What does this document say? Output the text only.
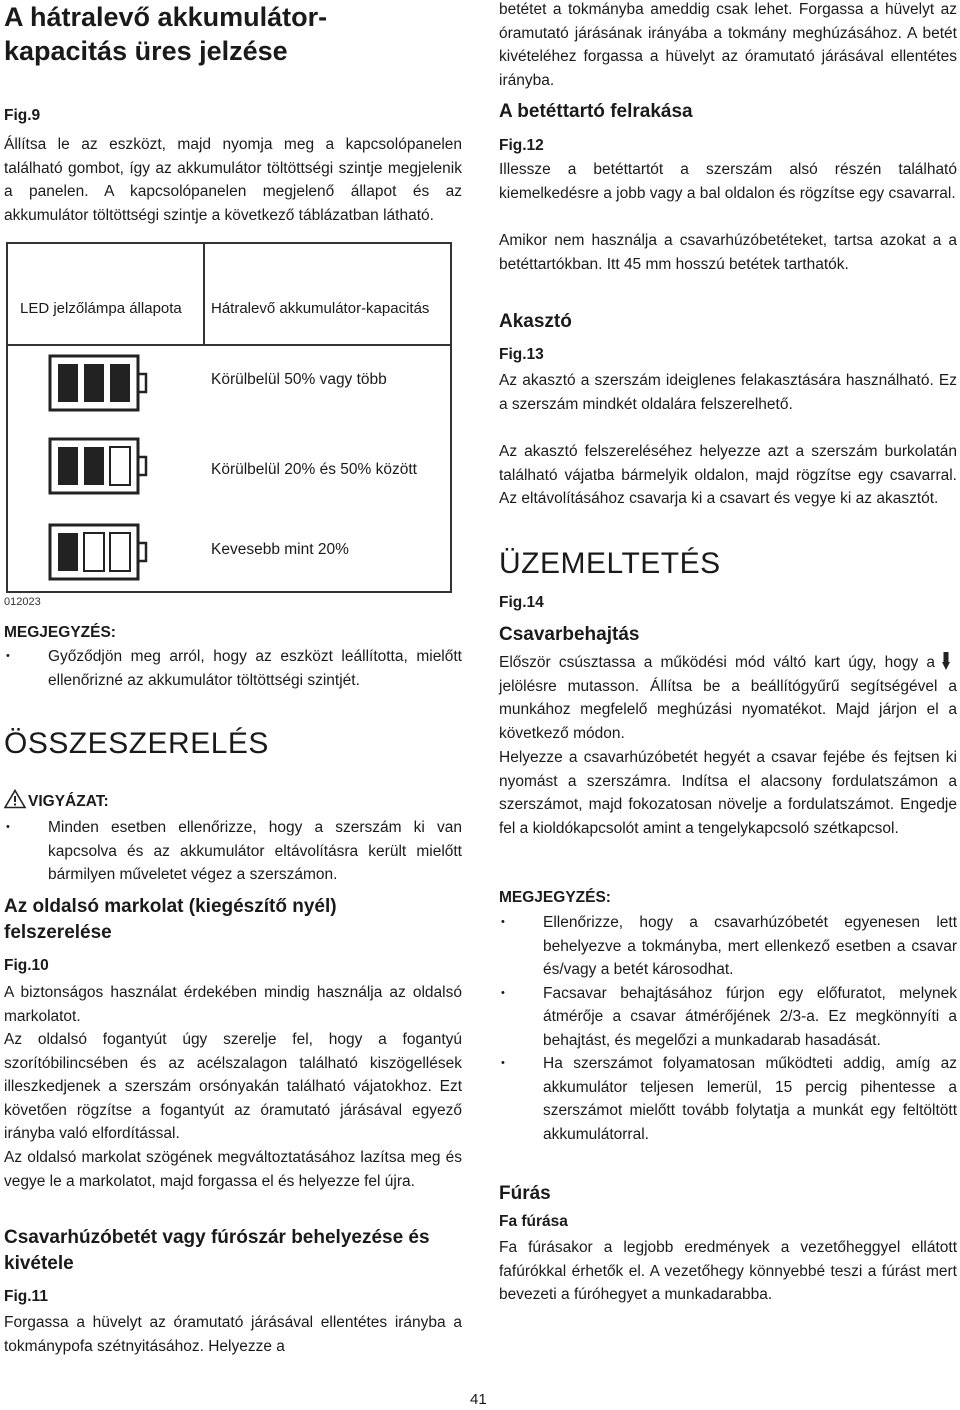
A hátralevő akkumulátor-kapacitás üres jelzése
Fig.9

Állítsa le az eszközt, majd nyomja meg a kapcsolópanelen található gombot, így az akkumulátor töltöttségi szintje megjelenik a panelen. A kapcsolópanelen megjelenő állapot és az akkumulátor töltöttségi szintje a következő táblázatban látható.

LED jelzőlámpa állapota Hátralevő akkumulátor-kapacitás
Körülbelül 50% vagy több
Körülbelül 20% és 50% között
Kevesebb mint 20%
012023
MEGJEGYZÉS:
• Győződjön meg arról, hogy az eszközt leállította, mielőtt ellenőrizné az akkumulátor töltöttségi szintjét.
ÖSSZESZERELÉS
VIGYÁZAT:
• Minden esetben ellenőrizze, hogy a szerszám ki van kapcsolva és az akkumulátor eltávolításra került mielőtt bármilyen műveletet végez a szerszámon.
Az oldalsó markolat (kiegészítő nyél) felszerelése
Fig.10

A biztonságos használat érdekében mindig használja az oldalsó markolatot.

Az oldalsó fogantyút úgy szerelje fel, hogy a fogantyú szorítóbilincsében és az acélszalagon található kiszögellések illeszkedjenek a szerszám orsónyakán található vájatokhoz. Ezt követően rögzítse a fogantyút az óramutató járásával egyező irányba való elfordítással.

Az oldalsó markolat szögének megváltoztatásához lazítsa meg és vegye le a markolatot, majd forgassa el és helyezze fel újra.

Csavarhúzóbetét vagy fúrószár behelyezése és kivétele
Fig.11

Forgassa a hüvelyt az óramutató járásával ellentétes irányba a tokmánypofa szétnyitásához. Helyezze a

betétet a tokmányba ameddig csak lehet. Forgassa a hüvelyt az óramutató járásának irányába a tokmány meghúzásához. A betét kivételéhez forgassa a hüvelyt az óramutató járásával ellentétes irányba.

A betéttartó felrakása
Fig.12

Illessze a betéttartót a szerszám alsó részén található kiemelkedésre a jobb vagy a bal oldalon és rögzítse egy csavarral.

Amikor nem használja a csavarhúzóbetéteket, tartsa azokat a a betéttartókban. Itt 45 mm hosszú betétek tarthatók.

Akasztó
Fig.13

Az akasztó a szerszám ideiglenes felakasztására használható. Ez a szerszám mindkét oldalára felszerelhető.

Az akasztó felszereléséhez helyezze azt a szerszám burkolatán található vájatba bármelyik oldalon, majd rögzítse egy csavarral. Az eltávolításához csavarja ki a csavart és vegye ki az akasztót.

ÜZEMELTETÉS
Fig.14
Csavarbehajtás

Először csúsztassa a működési mód váltó kart úgy, hogy ajelölésre mutasson. Állítsa be a beállítógyűrű segítségével a munkához megfelelő meghúzási nyomatékot. Majd járjon el a következő módon.

Helyezze a csavarhúzóbetét hegyét a csavar fejébe és fejtsen ki nyomást a szerszámra. Indítsa el alacsony fordulatszámon a szerszámot, majd fokozatosan növelje a fordulatszámot. Engedje fel a kioldókapcsolót amint a tengelykapcsoló szétkapcsol.

MEGJEGYZÉS:
• Ellenőrizze, hogy a csavarhúzóbetét egyenesen lett behelyezve a tokmányba, mert ellenkező esetben a csavar és/vagy a betét károsodhat.
• Facsavar behajtásához fúrjon egy előfuratot, melynek átmérője a csavar átmérőjének 2/3-a. Ez megkönnyíti a behajtást, és megelőzi a munkadarab hasadását.
• Ha szerszámot folyamatosan működteti addig, amíg az akkumulátor teljesen lemerül, 15 percig pihentesse a szerszámot mielőtt tovább folytatja a munkát egy feltöltött akkumulátorral.
Fúrás
Fa fúrása

Fa fúrásakor a legjobb eredmények a vezetőheggyel ellátott fafúrókkal érhetők el. A vezetőhegy könnyebbé teszi a fúrást mert bevezeti a fúróhegyet a munkadarabba.

41
